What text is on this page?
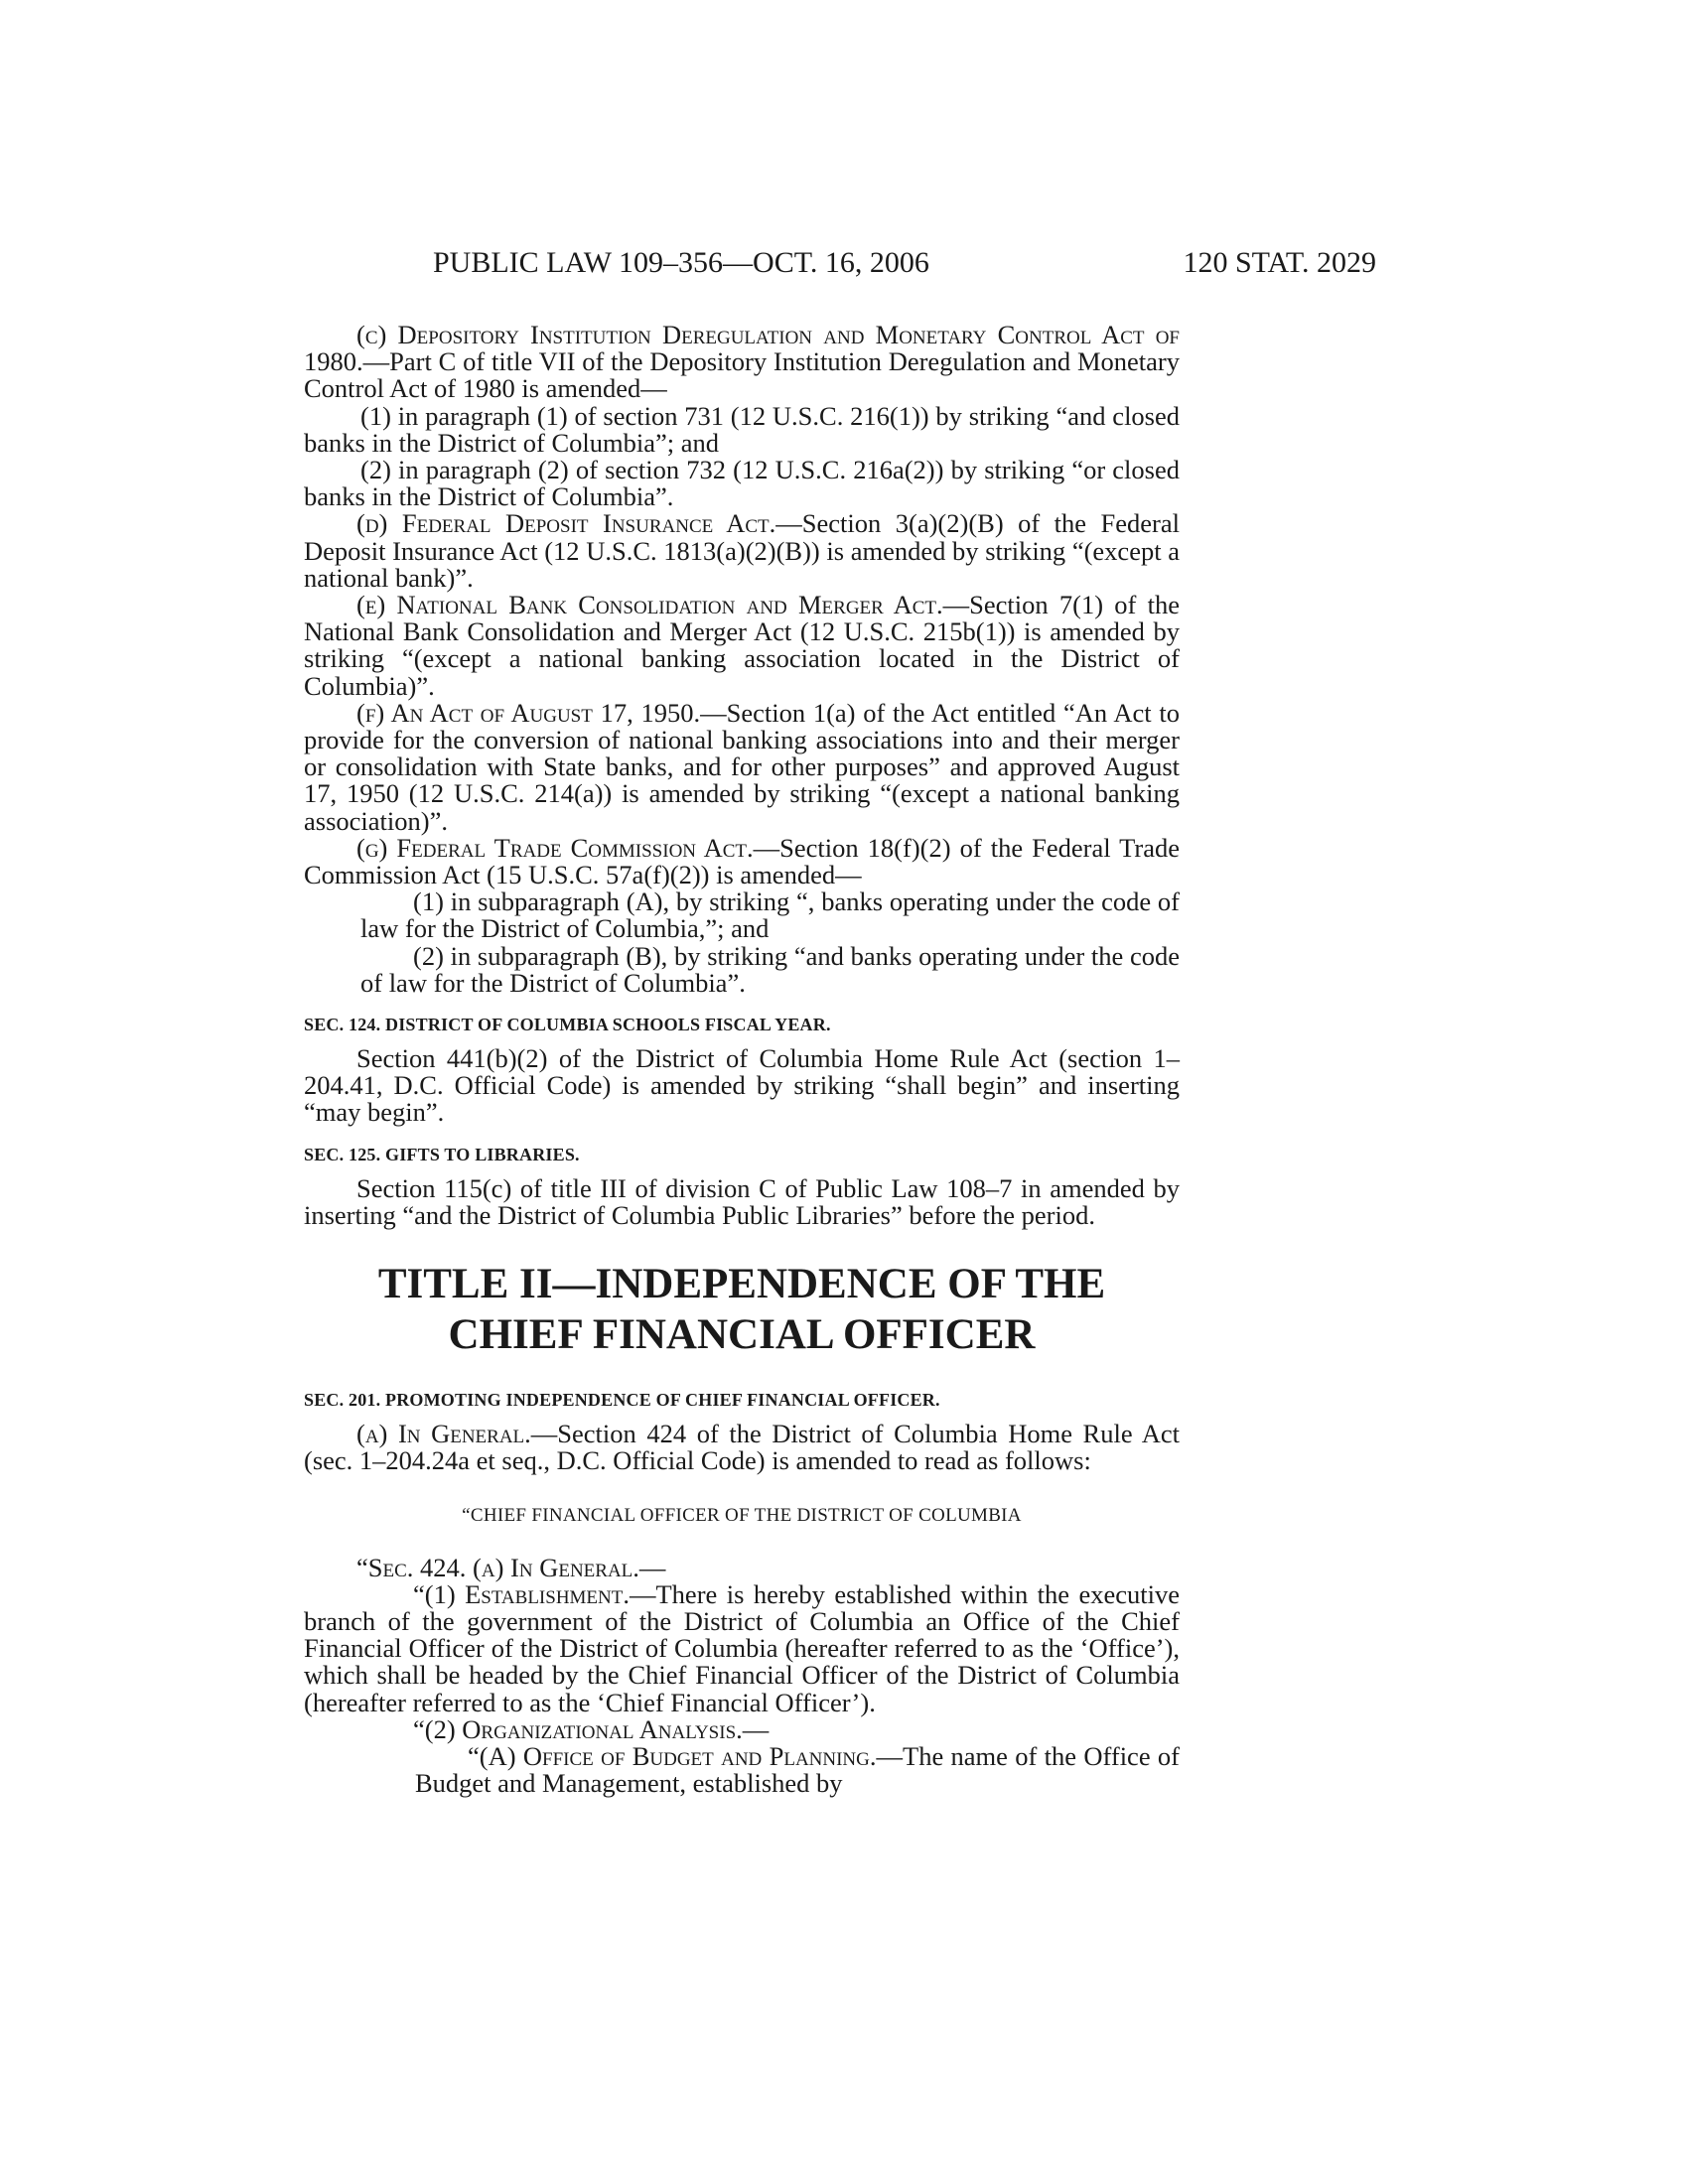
PUBLIC LAW 109–356—OCT. 16, 2006	120 STAT. 2029

(c) Depository Institution Deregulation and Monetary Control Act of 1980.—Part C of title VII of the Depository Institution Deregulation and Monetary Control Act of 1980 is amended—

(1) in paragraph (1) of section 731 (12 U.S.C. 216(1)) by striking “and closed banks in the District of Columbia”; and

(2) in paragraph (2) of section 732 (12 U.S.C. 216a(2)) by striking “or closed banks in the District of Columbia”.

(d) Federal Deposit Insurance Act.—Section 3(a)(2)(B) of the Federal Deposit Insurance Act (12 U.S.C. 1813(a)(2)(B)) is amended by striking “(except a national bank)”.

(e) National Bank Consolidation and Merger Act.—Section 7(1) of the National Bank Consolidation and Merger Act (12 U.S.C. 215b(1)) is amended by striking “(except a national banking association located in the District of Columbia)”.

(f) An Act of August 17, 1950.—Section 1(a) of the Act entitled “An Act to provide for the conversion of national banking associations into and their merger or consolidation with State banks, and for other purposes” and approved August 17, 1950 (12 U.S.C. 214(a)) is amended by striking “(except a national banking association)”.

(g) Federal Trade Commission Act.—Section 18(f)(2) of the Federal Trade Commission Act (15 U.S.C. 57a(f)(2)) is amended—

(1) in subparagraph (A), by striking “, banks operating under the code of law for the District of Columbia,”; and

(2) in subparagraph (B), by striking “and banks operating under the code of law for the District of Columbia”.

SEC. 124. DISTRICT OF COLUMBIA SCHOOLS FISCAL YEAR.

Section 441(b)(2) of the District of Columbia Home Rule Act (section 1–204.41, D.C. Official Code) is amended by striking “shall begin” and inserting “may begin”.

SEC. 125. GIFTS TO LIBRARIES.

Section 115(c) of title III of division C of Public Law 108–7 in amended by inserting “and the District of Columbia Public Libraries” before the period.

TITLE II—INDEPENDENCE OF THE
CHIEF FINANCIAL OFFICER
SEC. 201. PROMOTING INDEPENDENCE OF CHIEF FINANCIAL OFFICER.

(a) In General.—Section 424 of the District of Columbia Home Rule Act (sec. 1–204.24a et seq., D.C. Official Code) is amended to read as follows:

“CHIEF FINANCIAL OFFICER OF THE DISTRICT OF COLUMBIA

“Sec. 424. (a) In General.—

“(1) Establishment.—There is hereby established within the executive branch of the government of the District of Columbia an Office of the Chief Financial Officer of the District of Columbia (hereafter referred to as the ‘Office’), which shall be headed by the Chief Financial Officer of the District of Columbia (hereafter referred to as the ‘Chief Financial Officer’).

“(2) Organizational Analysis.—

“(A) Office of Budget and Planning.—The name of the Office of Budget and Management, established by
